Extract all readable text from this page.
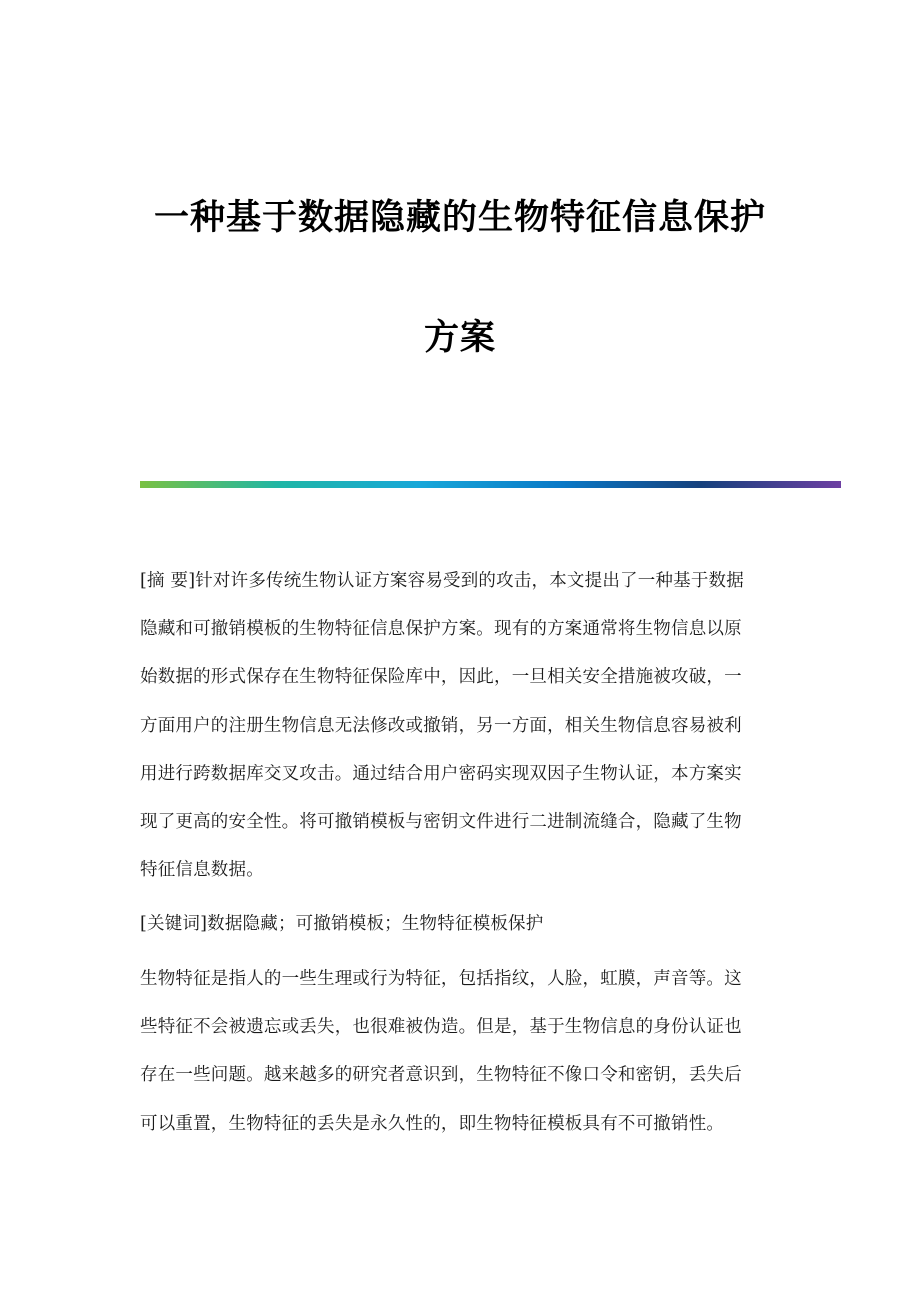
一种基于数据隐藏的生物特征信息保护
方案
[摘 要]针对许多传统生物认证方案容易受到的攻击，本文提出了一种基于数据
隐藏和可撤销模板的生物特征信息保护方案。现有的方案通常将生物信息以原
始数据的形式保存在生物特征保险库中，因此，一旦相关安全措施被攻破，一
方面用户的注册生物信息无法修改或撤销，另一方面，相关生物信息容易被利
用进行跨数据库交叉攻击。通过结合用户密码实现双因子生物认证，本方案实
现了更高的安全性。将可撤销模板与密钥文件进行二进制流缝合，隐藏了生物
特征信息数据。
[关键词]数据隐藏；可撤销模板；生物特征模板保护
生物特征是指人的一些生理或行为特征，包括指纹，人脸，虹膜，声音等。这
些特征不会被遗忘或丢失，也很难被伪造。但是，基于生物信息的身份认证也
存在一些问题。越来越多的研究者意识到，生物特征不像口令和密钥，丢失后
可以重置，生物特征的丢失是永久性的，即生物特征模板具有不可撤销性。
